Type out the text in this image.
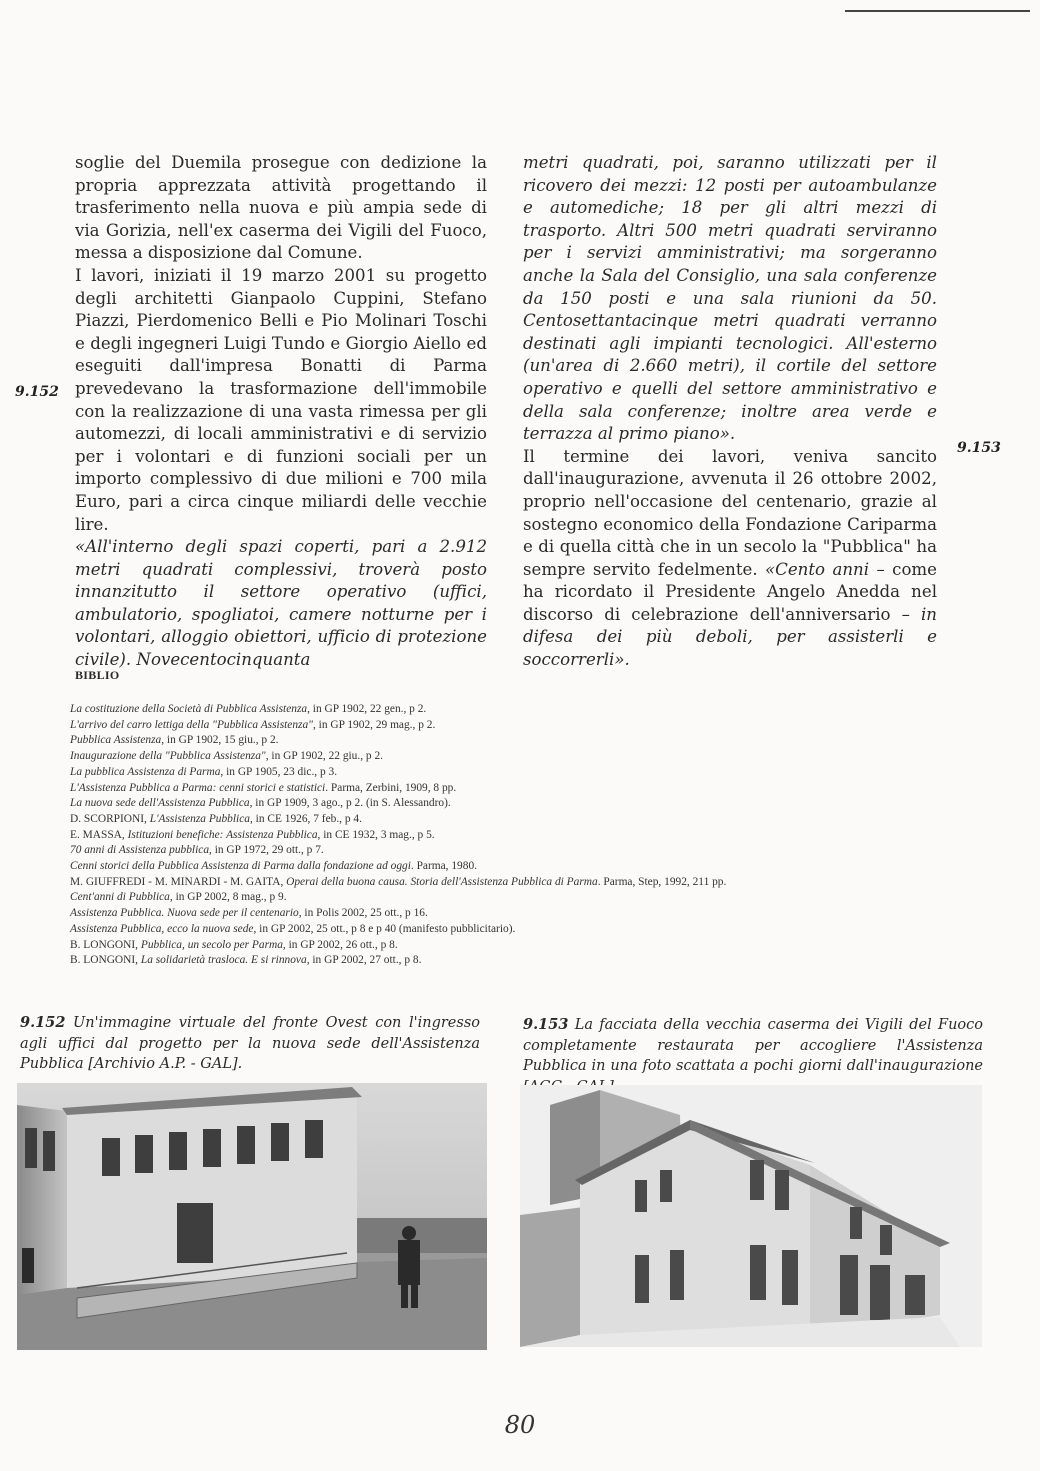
soglie del Duemila prosegue con dedizione la propria apprezzata attività progettando il trasferimento nella nuova e più ampia sede di via Gorizia, nell'ex caserma dei Vigili del Fuoco, messa a disposizione dal Comune.

I lavori, iniziati il 19 marzo 2001 su progetto degli architetti Gianpaolo Cuppini, Stefano Piazzi, Pierdomenico Belli e Pio Molinari Toschi e degli ingegneri Luigi Tundo e Giorgio Aiello ed eseguiti dall'impresa Bonatti di Parma prevedevano la trasformazione dell'immobile con la realizzazione di una vasta rimessa per gli automezzi, di locali amministrativi e di servizio per i volontari e di funzioni sociali per un importo complessivo di due milioni e 700 mila Euro, pari a circa cinque miliardi delle vecchie lire.

«All'interno degli spazi coperti, pari a 2.912 metri quadrati complessivi, troverà posto innanzitutto il settore operativo (uffici, ambulatorio, spogliatoi, camere notturne per i volontari, alloggio obiettori, ufficio di protezione civile). Novecentocinquanta

9.152

metri quadrati, poi, saranno utilizzati per il ricovero dei mezzi: 12 posti per autoambulanze e automediche; 18 per gli altri mezzi di trasporto. Altri 500 metri quadrati serviranno per i servizi amministrativi; ma sorgeranno anche la Sala del Consiglio, una sala conferenze da 150 posti e una sala riunioni da 50. Centosettantacinque metri quadrati verranno destinati agli impianti tecnologici. All'esterno (un'area di 2.660 metri), il cortile del settore operativo e quelli del settore amministrativo e della sala conferenze; inoltre area verde e terrazza al primo piano».

Il termine dei lavori, veniva sancito dall'inaugurazione, avvenuta il 26 ottobre 2002, proprio nell'occasione del centenario, grazie al sostegno economico della Fondazione Cariparma e di quella città che in un secolo la "Pubblica" ha sempre servito fedelmente. «Cento anni – come ha ricordato il Presidente Angelo Anedda nel discorso di celebrazione dell'anniversario – in difesa dei più deboli, per assisterli e soccorrerli».

9.153
BIBLIO
La costituzione della Società di Pubblica Assistenza, in GP 1902, 22 gen., p 2.
L'arrivo del carro lettiga della "Pubblica Assistenza", in GP 1902, 29 mag., p 2.
Pubblica Assistenza, in GP 1902, 15 giu., p 2.
Inaugurazione della "Pubblica Assistenza", in GP 1902, 22 giu., p 2.
La pubblica Assistenza di Parma, in GP 1905, 23 dic., p 3.
L'Assistenza Pubblica a Parma: cenni storici e statistici. Parma, Zerbini, 1909, 8 pp.
La nuova sede dell'Assistenza Pubblica, in GP 1909, 3 ago., p 2. (in S. Alessandro).
D. SCORPIONI, L'Assistenza Pubblica, in CE 1926, 7 feb., p 4.
E. MASSA, Istituzioni benefiche: Assistenza Pubblica, in CE 1932, 3 mag., p 5.
70 anni di Assistenza pubblica, in GP 1972, 29 ott., p 7.
Cenni storici della Pubblica Assistenza di Parma dalla fondazione ad oggi. Parma, 1980.
M. GIUFFREDI - M. MINARDI - M. GAITA, Operai della buona causa. Storia dell'Assistenza Pubblica di Parma. Parma, Step, 1992, 211 pp.
Cent'anni di Pubblica, in GP 2002, 8 mag., p 9.
Assistenza Pubblica. Nuova sede per il centenario, in Polis 2002, 25 ott., p 16.
Assistenza Pubblica, ecco la nuova sede, in GP 2002, 25 ott., p 8 e p 40 (manifesto pubblicitario).
B. LONGONI, Pubblica, un secolo per Parma, in GP 2002, 26 ott., p 8.
B. LONGONI, La solidarietà trasloca. E si rinnova, in GP 2002, 27 ott., p 8.
9.152 Un'immagine virtuale del fronte Ovest con l'ingresso agli uffici dal progetto per la nuova sede dell'Assistenza Pubblica [Archivio A.P. - GAL].
9.153 La facciata della vecchia caserma dei Vigili del Fuoco completamente restaurata per accogliere l'Assistenza Pubblica in una foto scattata a pochi giorni dall'inaugurazione
80
